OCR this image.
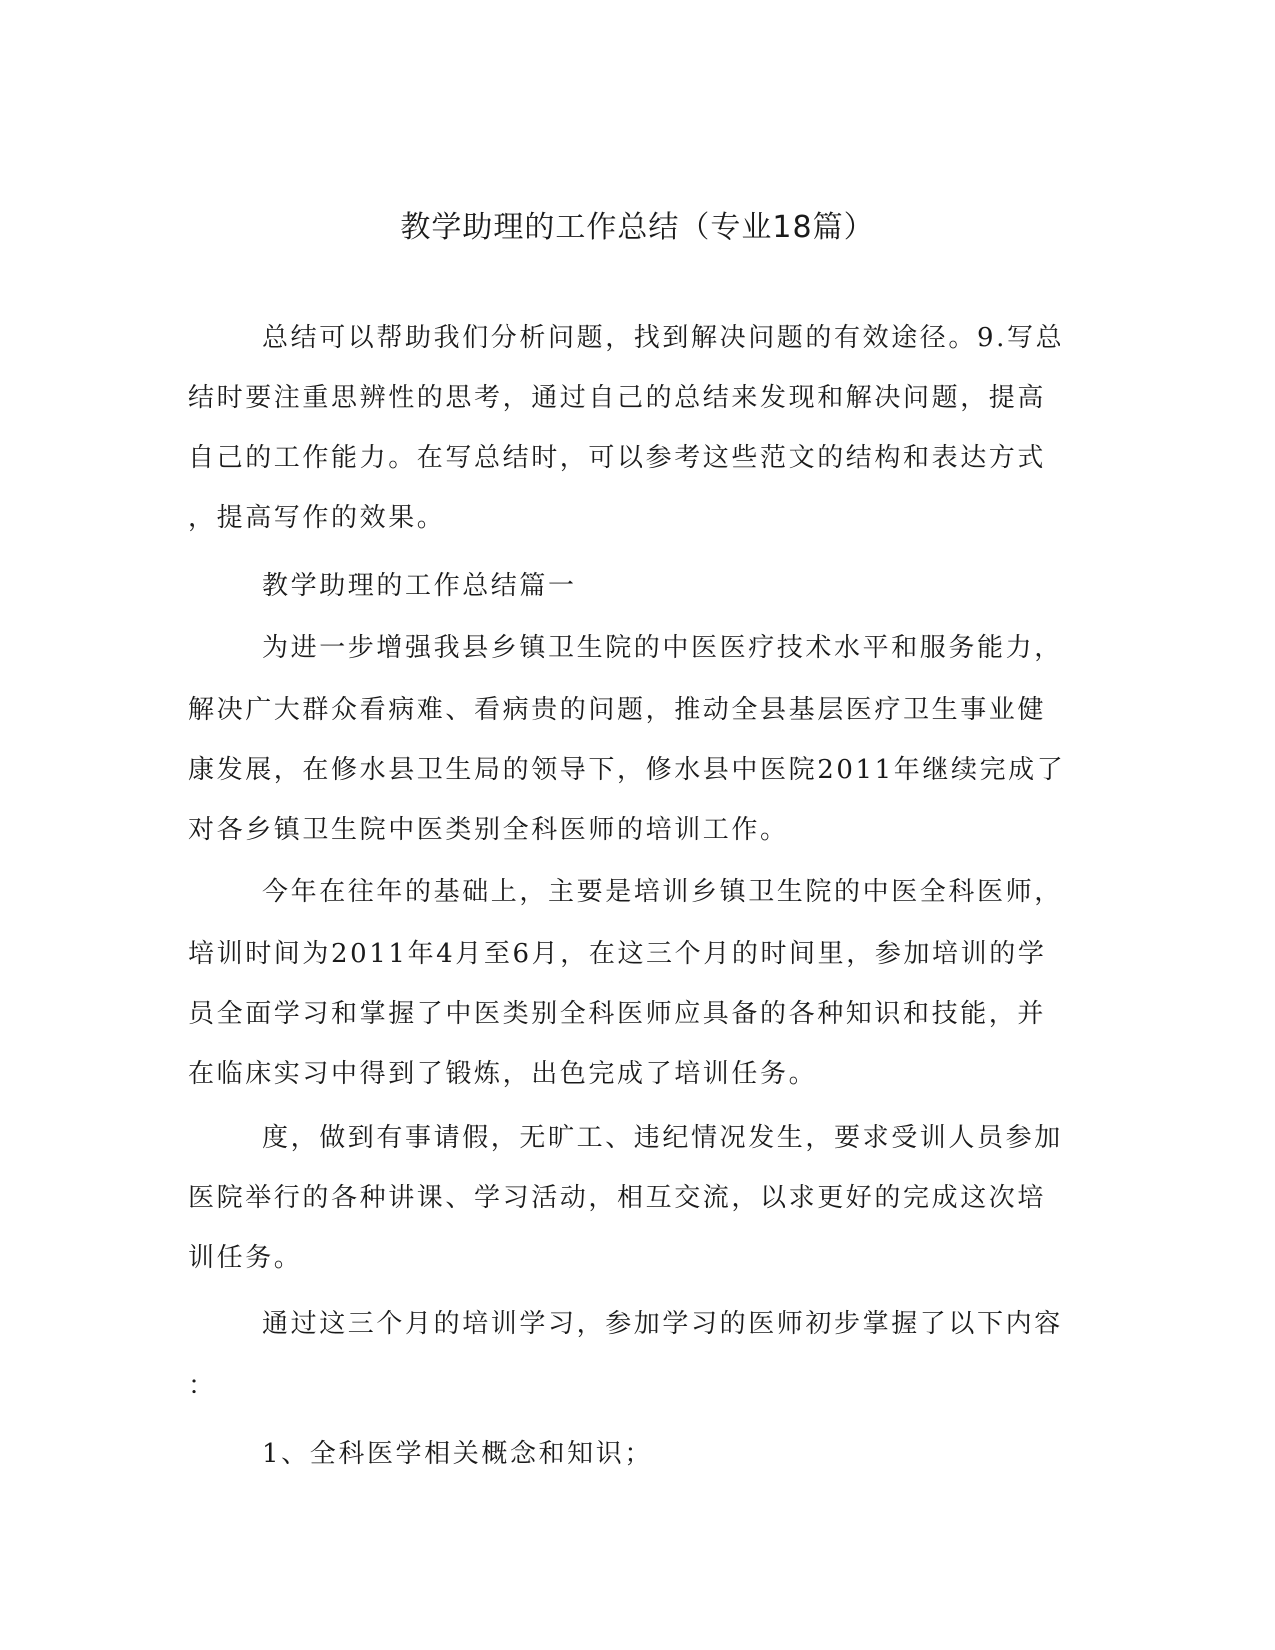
教学助理的工作总结（专业18篇）
总结可以帮助我们分析问题，找到解决问题的有效途径。9.写总
结时要注重思辨性的思考，通过自己的总结来发现和解决问题，提高
自己的工作能力。在写总结时，可以参考这些范文的结构和表达方式
，提高写作的效果。
教学助理的工作总结篇一
为进一步增强我县乡镇卫生院的中医医疗技术水平和服务能力，
解决广大群众看病难、看病贵的问题，推动全县基层医疗卫生事业健
康发展，在修水县卫生局的领导下，修水县中医院2011年继续完成了
对各乡镇卫生院中医类别全科医师的培训工作。
今年在往年的基础上，主要是培训乡镇卫生院的中医全科医师，
培训时间为2011年4月至6月，在这三个月的时间里，参加培训的学
员全面学习和掌握了中医类别全科医师应具备的各种知识和技能，并
在临床实习中得到了锻炼，出色完成了培训任务。
度，做到有事请假，无旷工、违纪情况发生，要求受训人员参加
医院举行的各种讲课、学习活动，相互交流，以求更好的完成这次培
训任务。
通过这三个月的培训学习，参加学习的医师初步掌握了以下内容
：
1、全科医学相关概念和知识；
